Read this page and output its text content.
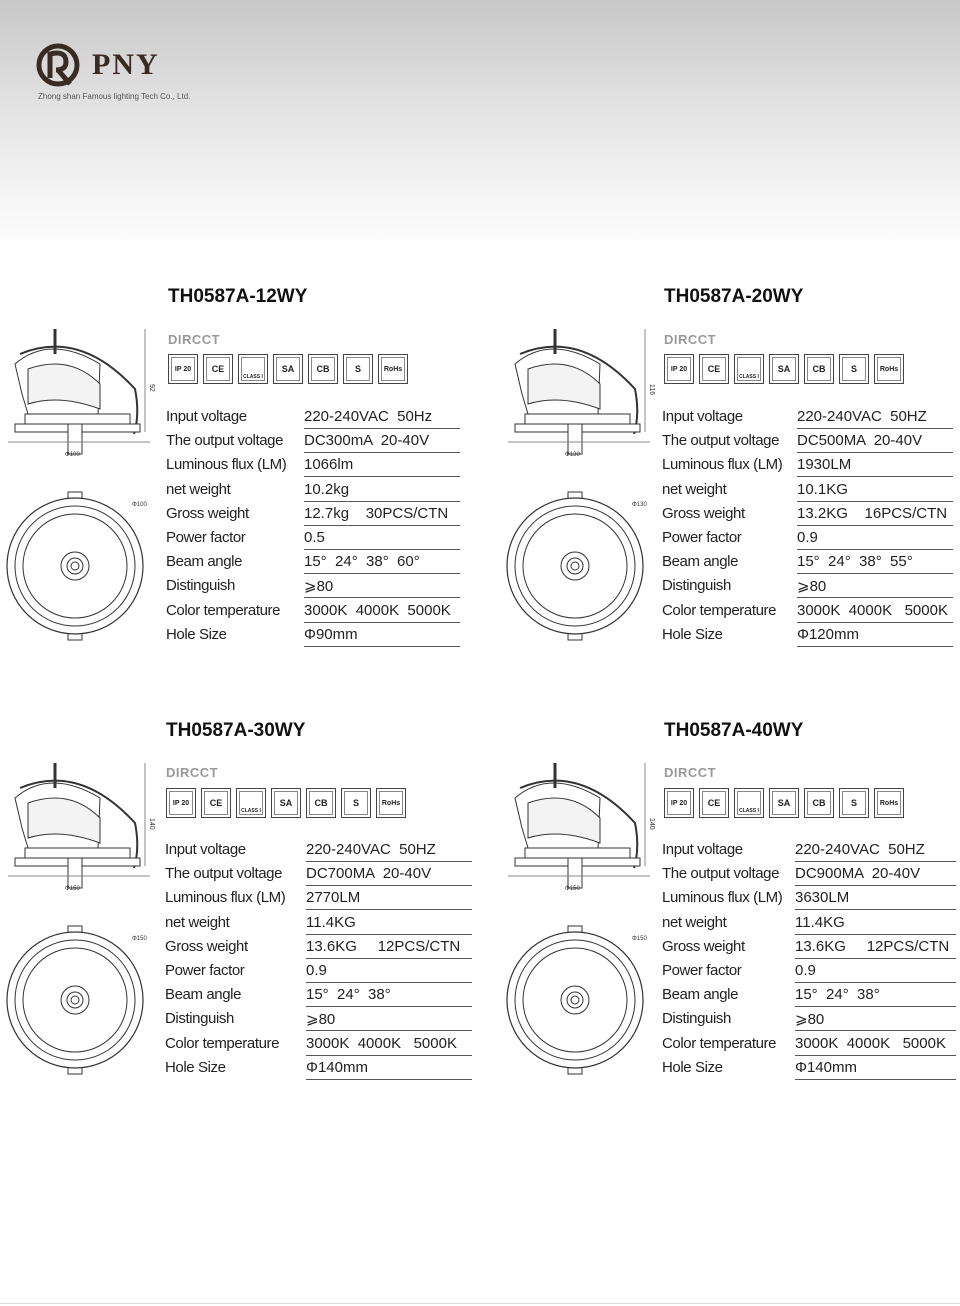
PNY
Zhong shan Famous lighting Tech Co., Ltd.
TH0587A-12WY
DIRCCT
IP 20	CE
CLASS I
SA	CB	S	RoHs
Input voltage	220-240VAC  50Hz
The output voltage DC300mA  20-40V
Luminous flux (LM) 1066lm
net weight	10.2kg
Gross weight	12.7kg    30PCS/CTN
Power factor	0.5
Beam angle	15°  24°  38°  60°
Distinguish	⩾80
Color temperature 3000K  4000K  5000K
Hole Size	Φ90mm
92
Φ100
Φ100
TH0587A-20WY
DIRCCT
IP 20	CE
CLASS I
SA	CB	S	RoHs
Input voltage	220-240VAC  50HZ
The output voltage DC500MA  20-40V
Luminous flux (LM) 1930LM
net weight	10.1KG
Gross weight	13.2KG    16PCS/CTN
Power factor	0.9
Beam angle	15°  24°  38°  55°
Distinguish	⩾80
Color temperature 3000K  4000K   5000K
Hole Size	Φ120mm
116
Φ130
Φ130
TH0587A-30WY
DIRCCT
IP 20	CE
CLASS I
SA	CB	S	RoHs
Input voltage	220-240VAC  50HZ
The output voltage DC700MA  20-40V
Luminous flux (LM) 2770LM
net weight	11.4KG
Gross weight	13.6KG     12PCS/CTN
Power factor	0.9
Beam angle	15°  24°  38°
Distinguish	⩾80
Color temperature 3000K  4000K   5000K
Hole Size	Φ140mm
140
Φ150
Φ150
TH0587A-40WY
DIRCCT
IP 20	CE
CLASS I
SA	CB	S	RoHs
Input voltage	220-240VAC  50HZ
The output voltage DC900MA  20-40V
Luminous flux (LM) 3630LM
net weight	11.4KG
Gross weight	13.6KG     12PCS/CTN
Power factor	0.9
Beam angle	15°  24°  38°
Distinguish	⩾80
Color temperature 3000K  4000K   5000K
Hole Size	Φ140mm
140
Φ150
Φ150
